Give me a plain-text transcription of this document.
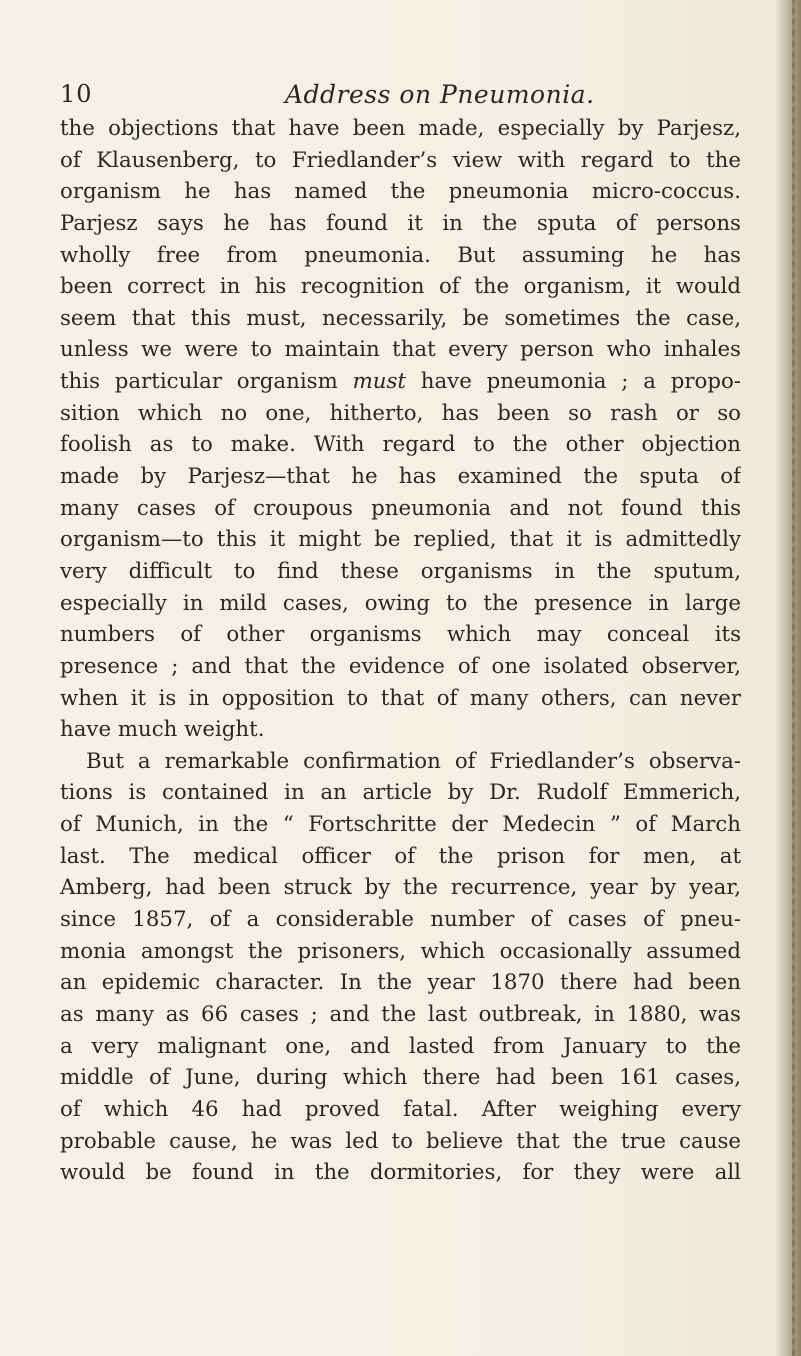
10	Address on Pneumonia.
the objections that have been made, especially by Parjesz,
of Klausenberg, to Friedlander’s view with regard to the
organism he has named the pneumonia micro-coccus.
Parjesz says he has found it in the sputa of persons
wholly free from pneumonia. But assuming he has
been correct in his recognition of the organism, it would
seem that this must, necessarily, be sometimes the case,
unless we were to maintain that every person who inhales
this particular organism must have pneumonia ; a propo-
sition which no one, hitherto, has been so rash or so
foolish as to make. With regard to the other objection
made by Parjesz—that he has examined the sputa of
many cases of croupous pneumonia and not found this
organism—to this it might be replied, that it is admittedly
very difficult to find these organisms in the sputum,
especially in mild cases, owing to the presence in large
numbers of other organisms which may conceal its
presence ; and that the evidence of one isolated observer,
when it is in opposition to that of many others, can never
have much weight.
But a remarkable confirmation of Friedlander’s observa-
tions is contained in an article by Dr. Rudolf Emmerich,
of Munich, in the “ Fortschritte der Medecin ” of March
last. The medical officer of the prison for men, at
Amberg, had been struck by the recurrence, year by year,
since 1857, of a considerable number of cases of pneu-
monia amongst the prisoners, which occasionally assumed
an epidemic character. In the year 1870 there had been
as many as 66 cases ; and the last outbreak, in 1880, was
a very malignant one, and lasted from January to the
middle of June, during which there had been 161 cases,
of which 46 had proved fatal. After weighing every
probable cause, he was led to believe that the true cause
would be found in the dormitories, for they were all
